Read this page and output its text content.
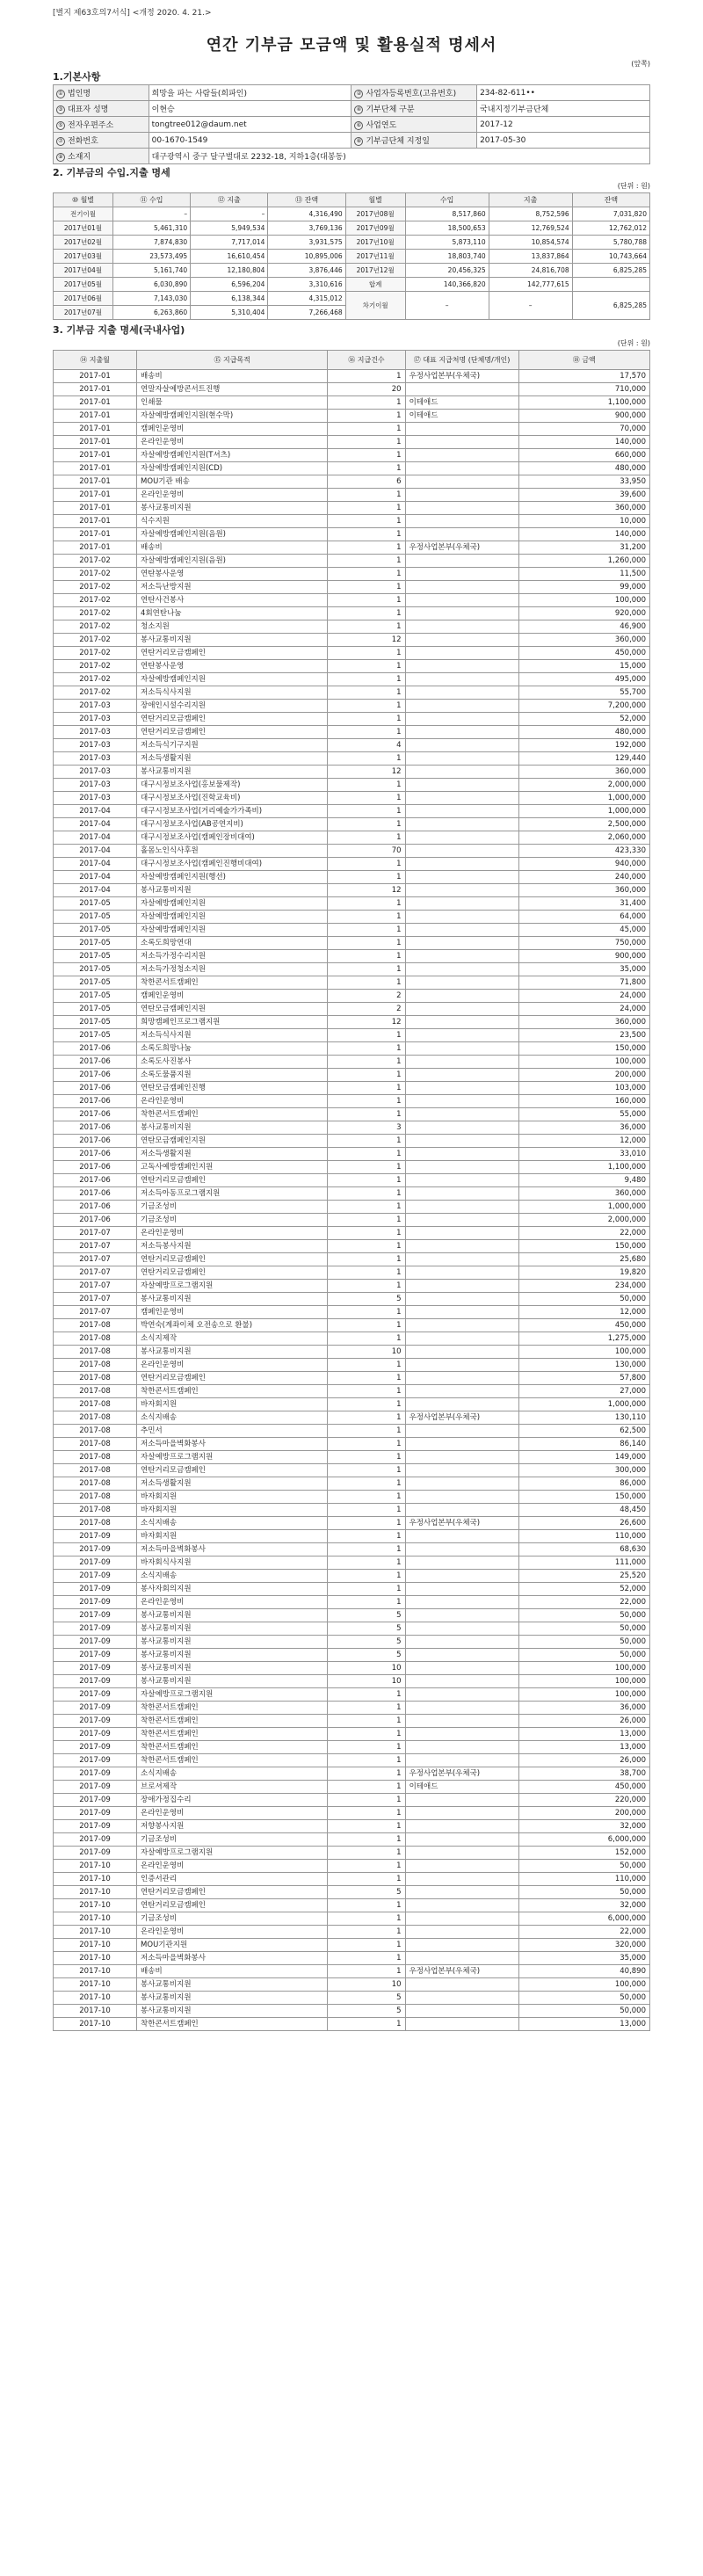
[별지 제63호의7서식] <개정 2020. 4. 21.>
연간 기부금 모금액 및 활용실적 명세서
(앞쪽)
1.기본사항
① 법인명	희망을 파는 사람들(희파인)	② 사업자등록번호(고유번호)	234-82-611••
③ 대표자 성명	이현승	④ 기부단체 구분	국내지정기부금단체
⑤ 전자우편주소	tongtree012@daum.net	⑥ 사업연도	2017-12
⑦ 전화번호	00-1670-1549	⑧ 기부금단체 지정일	2017-05-30
⑨ 소재지	대구광역시 중구 달구벌대로 2232-18, 지하1층(대봉동)		
2. 기부금의 수입.지출 명세
(단위 : 원)
⑩ 월별	⑪ 수입	⑫ 지출	⑬ 잔액	월별	수입	지출	잔액
전기이월	–	–	4,316,490	2017년08월	8,517,860	8,752,596	7,031,820
2017년01월	5,461,310	5,949,534	3,769,136	2017년09월	18,500,653	12,769,524	12,762,012
2017년02월	7,874,830	7,717,014	3,931,575	2017년10월	5,873,110	10,854,574	5,780,788
2017년03월	23,573,495	16,610,454	10,895,006	2017년11월	18,803,740	13,837,864	10,743,664
2017년04월	5,161,740	12,180,804	3,876,446	2017년12월	20,456,325	24,816,708	6,825,285
2017년05월	6,030,890	6,596,204	3,310,616	합계	140,366,820	142,777,615	
2017년06월	7,143,030	6,138,344	4,315,012	차기이월	–	–	6,825,285
2017년07월	6,263,860	5,310,404	7,266,468				
3. 기부금 지출 명세(국내사업)
(단위 : 원)
⑭ 지출월	⑮ 지급목적	⑯ 지급건수	⑰ 대표 지급처명 (단체명/개인)	⑱ 금액
2017-01	배송비	1	우정사업본부(우체국)	17,570
2017-01	연말자살예방콘서트진행	20		710,000
2017-01	인쇄물	1	이테애드	1,100,000
2017-01	자살예방캠페인지원(현수막)	1	이테애드	900,000
2017-01	캠페인운영비	1		70,000
2017-01	온라인운영비	1		140,000
2017-01	자살예방캠페인지원(T셔츠)	1		660,000
2017-01	자살예방캠페인지원(CD)	1		480,000
2017-01	MOU기관 배송	6		33,950
2017-01	온라인운영비	1		39,600
2017-01	봉사교통비지원	1		360,000
2017-01	식수지원	1		10,000
2017-01	자살예방캠페인지원(음원)	1		140,000
2017-01	배송비	1	우정사업본부(우체국)	31,200
2017-02	자살예방캠페인지원(음원)	1		1,260,000
2017-02	연탄봉사운영	1		11,500
2017-02	저소득난방지원	1		99,000
2017-02	연탄사건봉사	1		100,000
2017-02	4회연탄나눔	1		920,000
2017-02	청소지원	1		46,900
2017-02	봉사교통비지원	12		360,000
2017-02	연탄거리모금캠페인	1		450,000
2017-02	연탄봉사운영	1		15,000
2017-02	자살예방캠페인지원	1		495,000
2017-02	저소득식사지원	1		55,700
2017-03	장애인시설수리지원	1		7,200,000
2017-03	연탄거리모금캠페인	1		52,000
2017-03	연탄거리모금캠페인	1		480,000
2017-03	저소득식기구지원	4		192,000
2017-03	저소득생활지원	1		129,440
2017-03	봉사교통비지원	12		360,000
2017-03	대구시정보조사업(홍보물제작)	1		2,000,000
2017-03	대구시정보조사업(진학교육비)	1		1,000,000
2017-04	대구시정보조사업(거리예술가가족비)	1		1,000,000
2017-04	대구시정보조사업(AB공연지비)	1		2,500,000
2017-04	대구시정보조사업(캠페인장비대여)	1		2,060,000
2017-04	홀몸노인식사후원	70		423,330
2017-04	대구시정보조사업(캠페인진행비대여)	1		940,000
2017-04	자살예방캠페인지원(행선)	1		240,000
2017-04	봉사교통비지원	12		360,000
2017-05	자살예방캠페인지원	1		31,400
2017-05	자살예방캠페인지원	1		64,000
2017-05	자살예방캠페인지원	1		45,000
2017-05	소록도희망연대	1		750,000
2017-05	저소득가정수리지원	1		900,000
2017-05	저소득가정청소지원	1		35,000
2017-05	착한콘서트캠페인	1		71,800
2017-05	캠페인운영비	2		24,000
2017-05	연탄모금캠페인지원	2		24,000
2017-05	희망캠페인프로그램지원	12		360,000
2017-05	저소득식사지원	1		23,500
2017-06	소록도희망나눔	1		150,000
2017-06	소록도사진봉사	1		100,000
2017-06	소록도물품지원	1		200,000
2017-06	연탄모금캠페인진행	1		103,000
2017-06	온라인운영비	1		160,000
2017-06	착한콘서트캠페인	1		55,000
2017-06	봉사교통비지원	3		36,000
2017-06	연탄모금캠페인지원	1		12,000
2017-06	저소득생활지원	1		33,010
2017-06	고독사예방캠페인지원	1		1,100,000
2017-06	연탄거리모금캠페인	1		9,480
2017-06	저소득아동프로그램지원	1		360,000
2017-06	기금조성비	1		1,000,000
2017-06	기금조성비	1		2,000,000
2017-07	온라인운영비	1		22,000
2017-07	저소득봉사지원	1		150,000
2017-07	연탄거리모금캠페인	1		25,680
2017-07	연탄거리모금캠페인	1		19,820
2017-07	자살예방프로그램지원	1		234,000
2017-07	봉사교통비지원	5		50,000
2017-07	캠페인운영비	1		12,000
2017-08	박연숙(계좌이체 오전송으로 환불)	1		450,000
2017-08	소식지제작	1		1,275,000
2017-08	봉사교통비지원	10		100,000
2017-08	온라인운영비	1		130,000
2017-08	연탄거리모금캠페인	1		57,800
2017-08	착한콘서트캠페인	1		27,000
2017-08	바자회지원	1		1,000,000
2017-08	소식지배송	1	우정사업본부(우체국)	130,110
2017-08	추민서	1		62,500
2017-08	저소득마을벽화봉사	1		86,140
2017-08	자살예방프로그램지원	1		149,000
2017-08	연탄거리모금캠페인	1		300,000
2017-08	저소득생활지원	1		86,000
2017-08	바자회지원	1		150,000
2017-08	바자회지원	1		48,450
2017-08	소식지배송	1	우정사업본부(우체국)	26,600
2017-09	바자회지원	1		110,000
2017-09	저소득마을벽화봉사	1		68,630
2017-09	바자회식사지원	1		111,000
2017-09	소식지배송	1		25,520
2017-09	봉사자회의지원	1		52,000
2017-09	온라인운영비	1		22,000
2017-09	봉사교통비지원	5		50,000
2017-09	봉사교통비지원	5		50,000
2017-09	봉사교통비지원	5		50,000
2017-09	봉사교통비지원	5		50,000
2017-09	봉사교통비지원	10		100,000
2017-09	봉사교통비지원	10		100,000
2017-09	자살예방프로그램지원	1		100,000
2017-09	착한콘서트캠페인	1		36,000
2017-09	착한콘서트캠페인	1		26,000
2017-09	착한콘서트캠페인	1		13,000
2017-09	착한콘서트캠페인	1		13,000
2017-09	착한콘서트캠페인	1		26,000
2017-09	소식지배송	1	우정사업본부(우체국)	38,700
2017-09	브로셔제작	1	이테애드	450,000
2017-09	장애가정집수리	1		220,000
2017-09	온라인운영비	1		200,000
2017-09	저향봉사지원	1		32,000
2017-09	기금조성비	1		6,000,000
2017-09	자살예방프로그램지원	1		152,000
2017-10	온라인운영비	1		50,000
2017-10	인증서관리	1		110,000
2017-10	연탄거리모금캠페인	5		50,000
2017-10	연탄거리모금캠페인	1		32,000
2017-10	기금조성비	1		6,000,000
2017-10	온라인운영비	1		22,000
2017-10	MOU기관지원	1		320,000
2017-10	저소득마을벽화봉사	1		35,000
2017-10	배송비	1	우정사업본부(우체국)	40,890
2017-10	봉사교통비지원	10		100,000
2017-10	봉사교통비지원	5		50,000
2017-10	봉사교통비지원	5		50,000
2017-10	착한콘서트캠페인	1		13,000
